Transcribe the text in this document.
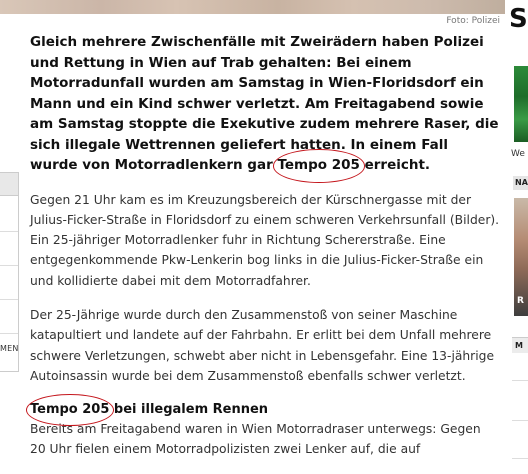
Foto: Polizei
MEN

Gleich mehrere Zwischenfälle mit Zweirädern haben Polizei und Rettung in Wien auf Trab gehalten: Bei einem Motorradunfall wurden am Samstag in Wien-Floridsdorf ein Mann und ein Kind schwer verletzt. Am Freitagabend sowie am Samstag stoppte die Exekutive zudem mehrere Raser, die sich illegale Wettrennen geliefert hatten. In einem Fall wurde von Motorradlenkern gar Tempo 205 erreicht.

Gegen 21 Uhr kam es im Kreuzungsbereich der Kürschnergasse mit der Julius-Ficker-Straße in Floridsdorf zu einem schweren Verkehrsunfall (Bilder). Ein 25-jähriger Motorradlenker fuhr in Richtung Schererstraße. Eine entgegenkommende Pkw-Lenkerin bog links in die Julius-Ficker-Straße ein und kollidierte dabei mit dem Motorradfahrer.

Der 25-Jährige wurde durch den Zusammenstoß von seiner Maschine katapultiert und landete auf der Fahrbahn. Er erlitt bei dem Unfall mehrere schwere Verletzungen, schwebt aber nicht in Lebensgefahr. Eine 13-jährige Autoinsassin wurde bei dem Zusammenstoß ebenfalls schwer verletzt.

Tempo 205 bei illegalem Rennen

Bereits am Freitagabend waren in Wien Motorradraser unterwegs: Gegen 20 Uhr fielen einem Motorradpolizisten zwei Lenker auf, die auf

S
We
NA
R
M
